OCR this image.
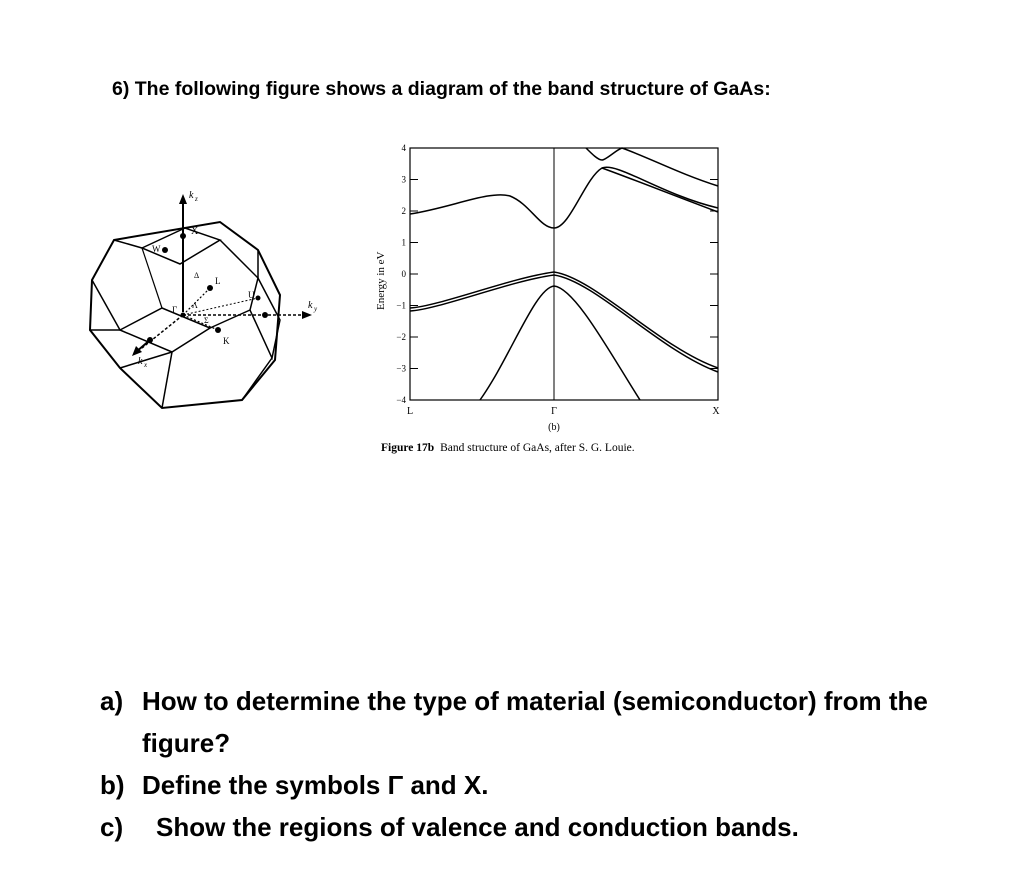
6) The following figure shows a diagram of the band structure of GaAs:
k z
k y
k x
X
W
L
U
K
Γ
Δ
Λ
Σ
Energy in eV
4
3
2
1
0
−1
−2
−3
−4
L	Γ	X
(b)
Figure 17b Band structure of GaAs, after S. G. Louie.
a) How to determine the type of material (semiconductor) from the figure?
b) Define the symbols Γ and X.
c) Show the regions of valence and conduction bands.
